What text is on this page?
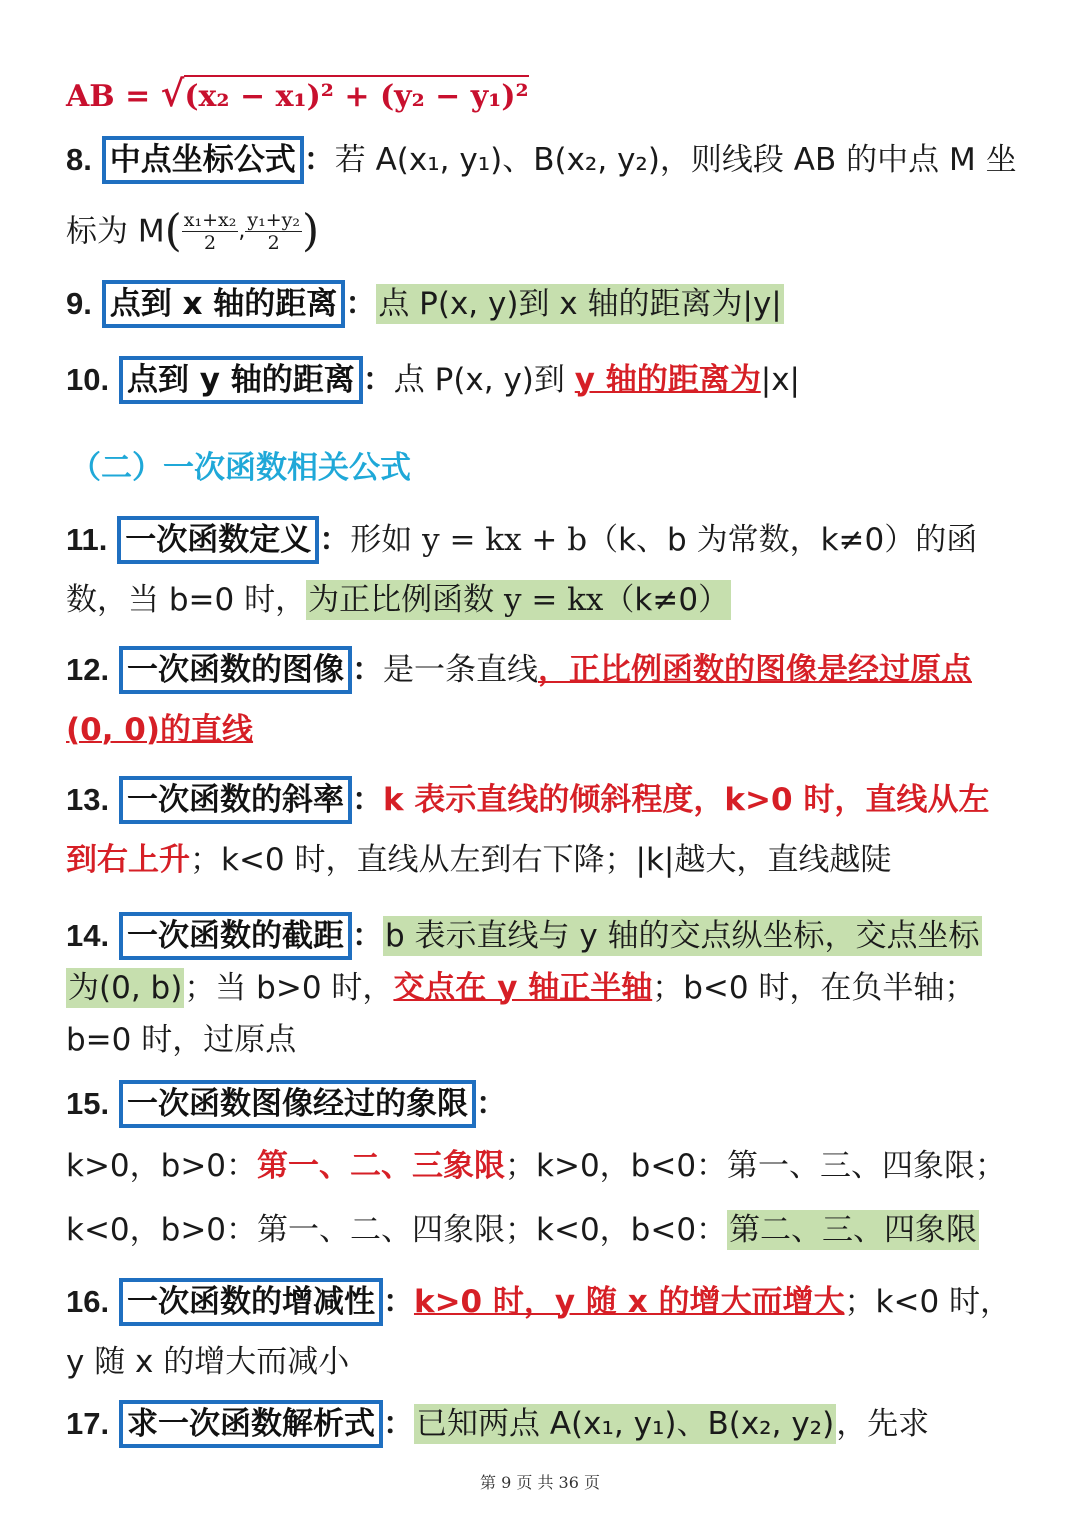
AB = √(x₂ − x₁)² + (y₂ − y₁)²
8. 中点坐标公式 ：若 A(x₁, y₁)、B(x₂, y₂)，则线段 AB 的中点 M 坐
标为 $M( \frac{\text{x₁+x₂}}{2}$ , $\frac{\text{y₁+y₂}}{2}$ )
9. 点到 x 轴的距离 ：点 P(x, y)到 x 轴的距离为|y|
10. 点到 y 轴的距离 ：点 P(x, y)到 y 轴的距离为|x|
（二）一次函数相关公式
11. 一次函数定义 ：形如 y = kx + b（k、b 为常数，k≠0）的函
数，当 b=0 时，为正比例函数 y = kx（k≠0）
12. 一次函数的图像 ：是一条直线，正比例函数的图像是经过原点
(0, 0)的直线
13. 一次函数的斜率 ：k 表示直线的倾斜程度，k>0 时，直线从左
到右上升；k<0 时，直线从左到右下降；|k|越大，直线越陡
14. 一次函数的截距 ：b 表示直线与 y 轴的交点纵坐标，交点坐标
为(0, b)；当 b>0 时，交点在 y 轴正半轴；b<0 时，在负半轴；
b=0 时，过原点
15. 一次函数图像经过的象限 ：
k>0，b>0：第一、二、三象限；k>0，b<0：第一、三、四象限；
k<0，b>0：第一、二、四象限；k<0，b<0：第二、三、四象限
16. 一次函数的增减性 ：k>0 时，y 随 x 的增大而增大；k<0 时，
y 随 x 的增大而减小
17. 求一次函数解析式 ：已知两点 A(x₁, y₁)、B(x₂, y₂)，先求
第 9 页 共 36 页
